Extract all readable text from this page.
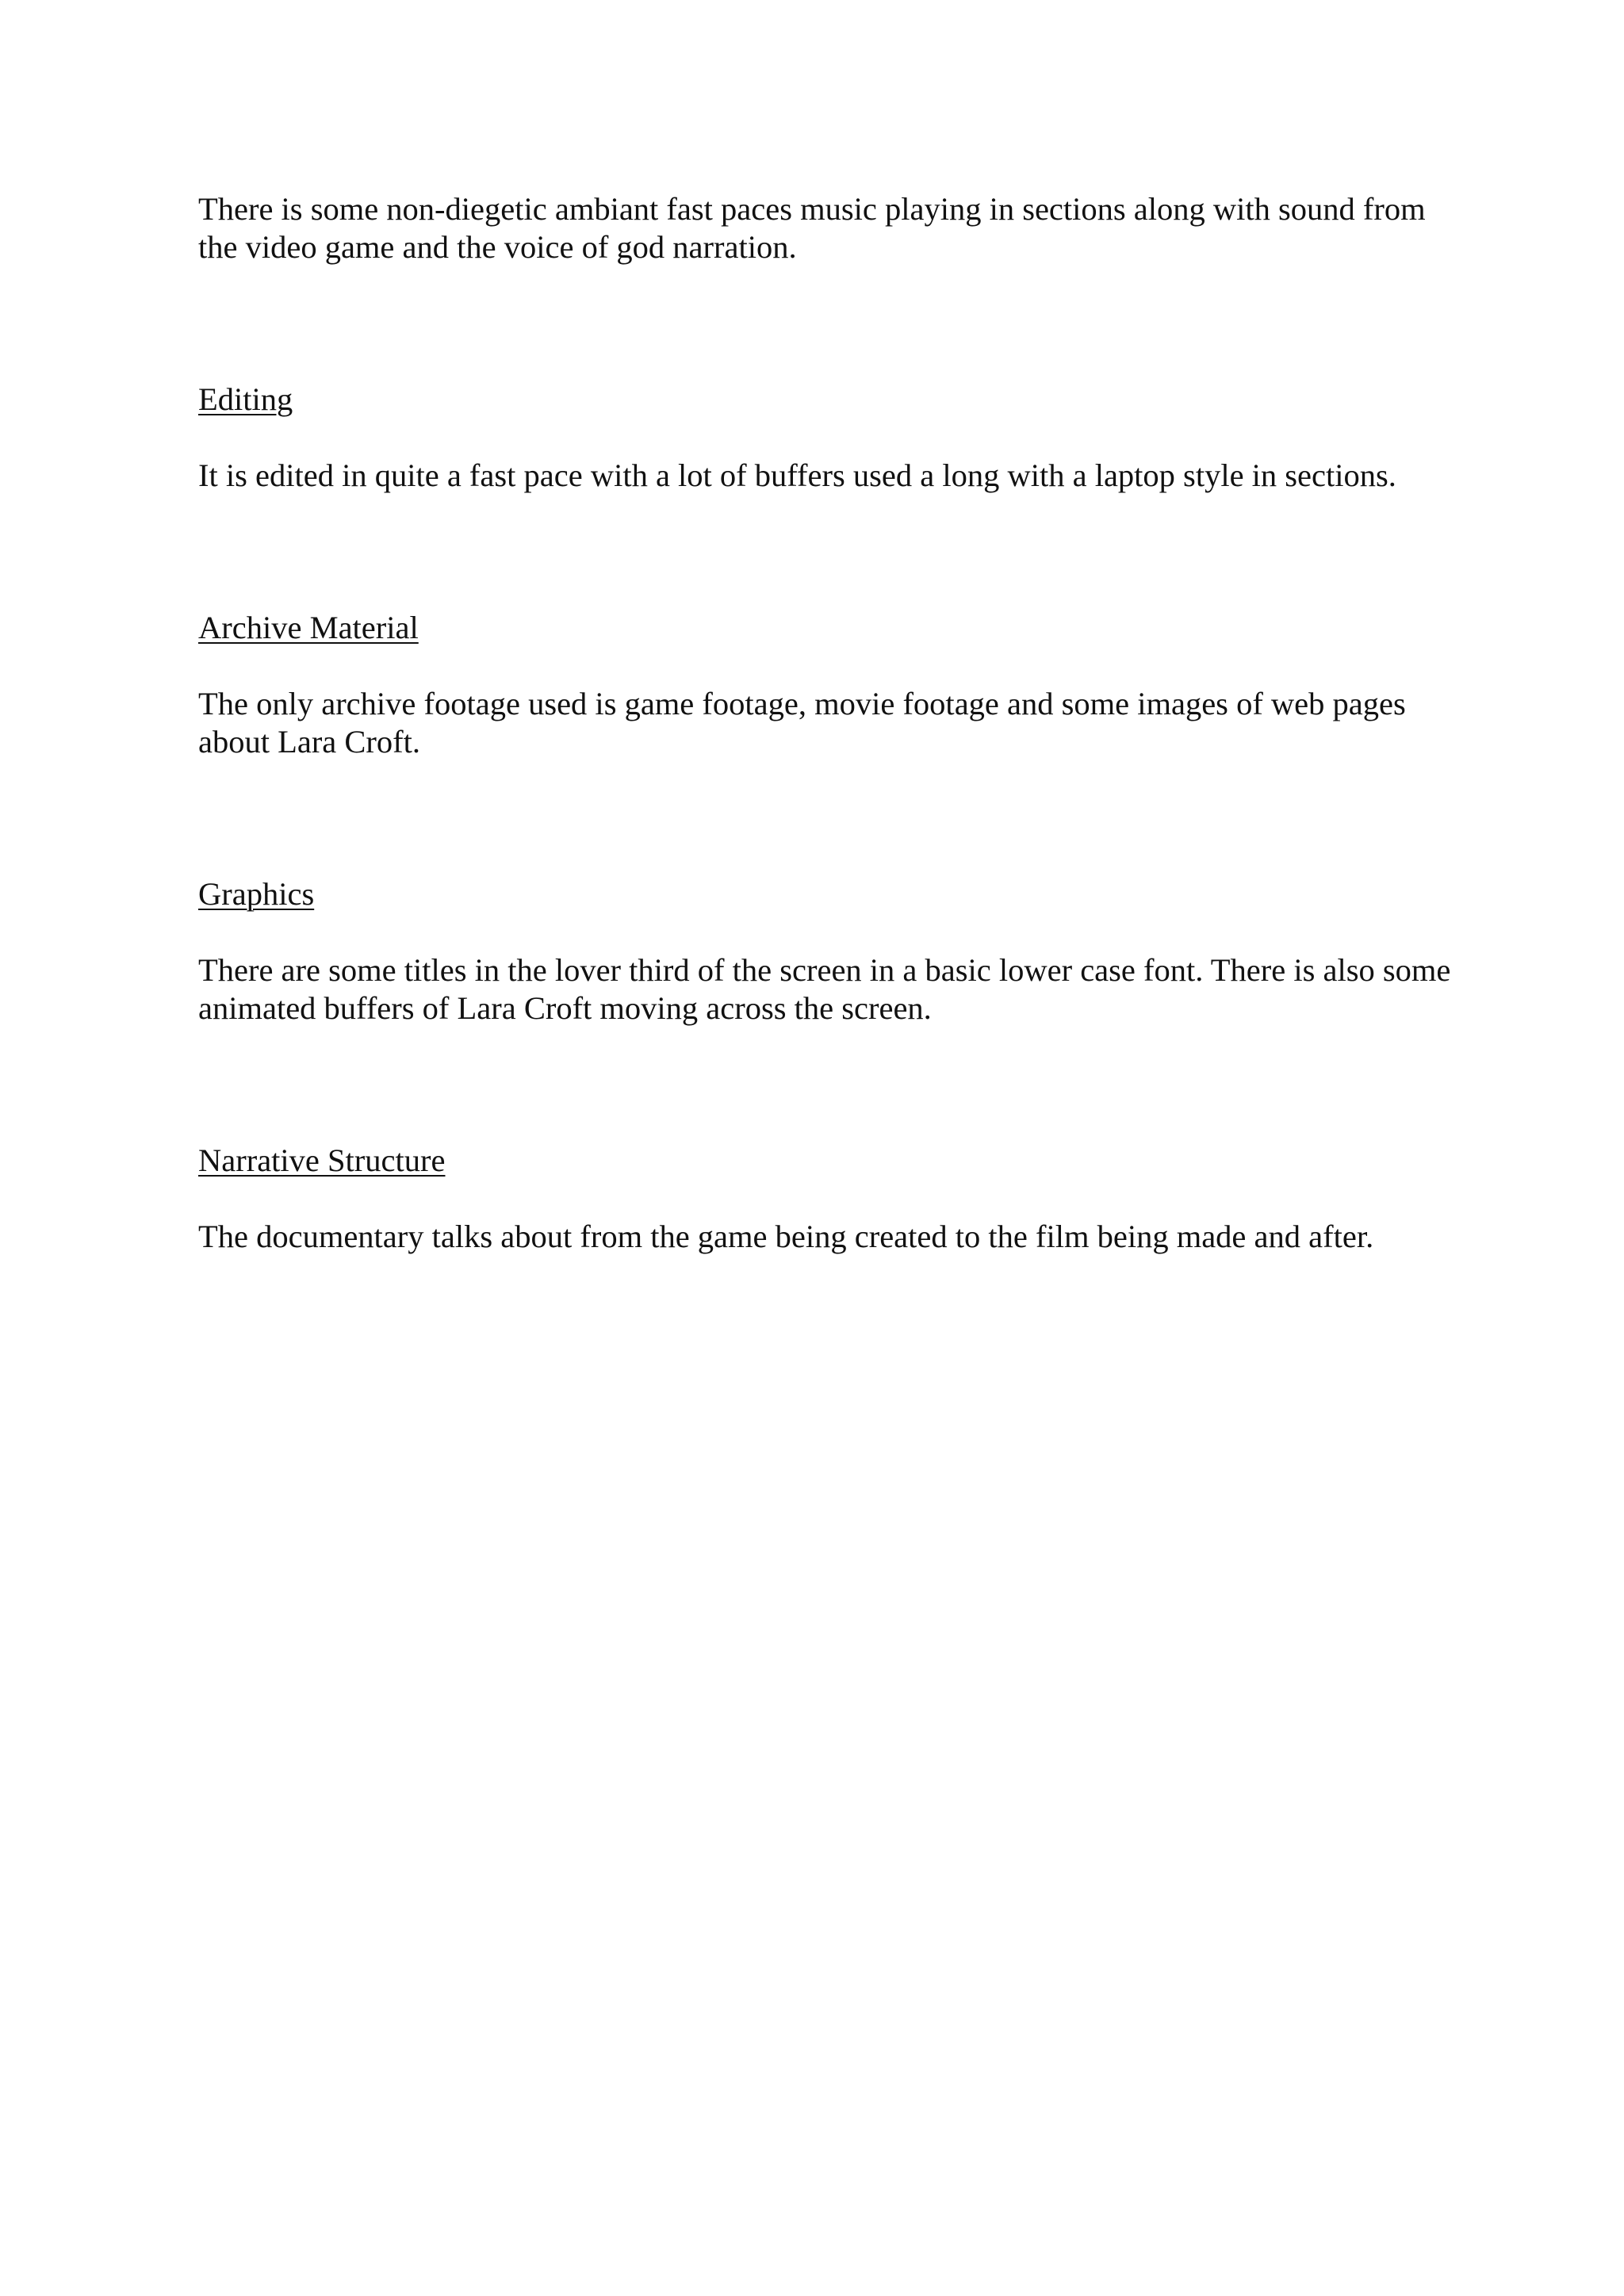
There is some non-diegetic ambiant fast paces music playing in sections along with sound from the video game and the voice of god narration.

Editing

It is edited in quite a fast pace with a lot of buffers used a long with a laptop style in sections.

Archive Material

The only archive footage used is game footage, movie footage and some images of web pages about Lara Croft.

Graphics

There are some titles in the lover third of the screen in a basic lower case font. There is also some animated buffers of Lara Croft moving across the screen.

Narrative Structure

The documentary talks about from the game being created to the film being made and after.
